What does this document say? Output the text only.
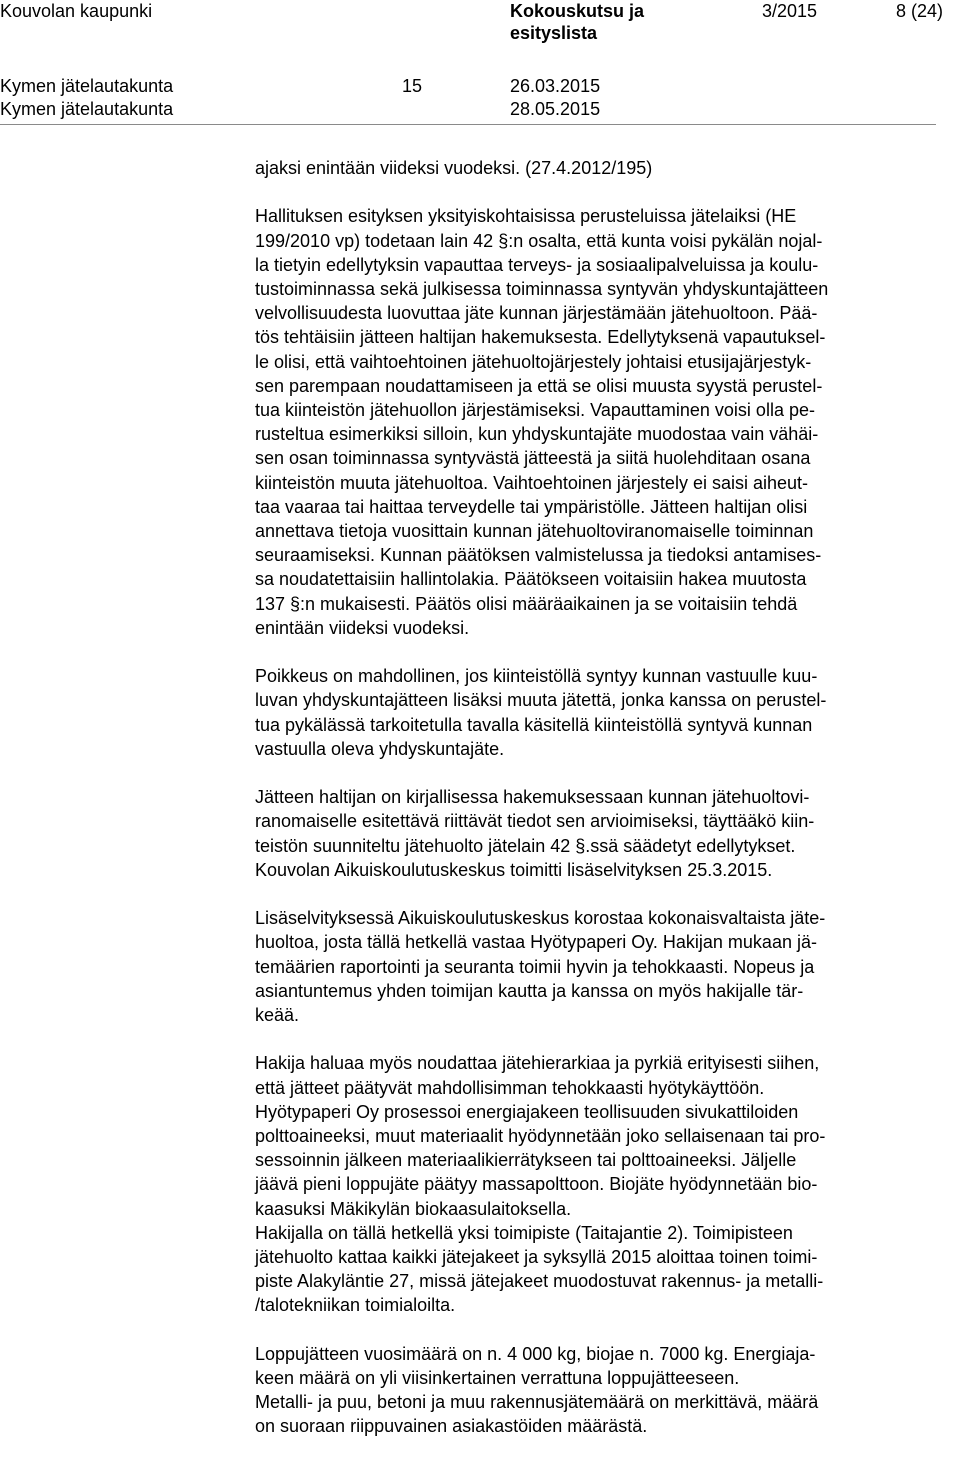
Kouvolan kaupunki	Kokouskutsu ja esityslista
3/2015	8 (24)
Kymen jätelautakunta	15	26.03.2015
Kymen jätelautakunta	28.05.2015
ajaksi enintään viideksi vuodeksi. (27.4.2012/195)
Hallituksen esityksen yksityiskohtaisissa perusteluissa jätelaiksi (HE
199/2010 vp) todetaan lain 42 §:n osalta, että kunta voisi pykälän nojal-
la tietyin edellytyksin vapauttaa terveys- ja sosiaalipalveluissa ja koulu-
tustoiminnassa sekä julkisessa toiminnassa syntyvän yhdyskuntajätteen
velvollisuudesta luovuttaa jäte kunnan järjestämään jätehuoltoon. Pää-
tös tehtäisiin jätteen haltijan hakemuksesta. Edellytyksenä vapautuksel-
le olisi, että vaihtoehtoinen jätehuoltojärjestely johtaisi etusijajärjestyk-
sen parempaan noudattamiseen ja että se olisi muusta syystä perustel-
tua kiinteistön jätehuollon järjestämiseksi. Vapauttaminen voisi olla pe-
rusteltua esimerkiksi silloin, kun yhdyskuntajäte muodostaa vain vähäi-
sen osan toiminnassa syntyvästä jätteestä ja siitä huolehditaan osana
kiinteistön muuta jätehuoltoa. Vaihtoehtoinen järjestely ei saisi aiheut-
taa vaaraa tai haittaa terveydelle tai ympäristölle. Jätteen haltijan olisi
annettava tietoja vuosittain kunnan jätehuoltoviranomaiselle toiminnan
seuraamiseksi. Kunnan päätöksen valmistelussa ja tiedoksi antamises-
sa noudatettaisiin hallintolakia. Päätökseen voitaisiin hakea muutosta
137 §:n mukaisesti. Päätös olisi määräaikainen ja se voitaisiin tehdä
enintään viideksi vuodeksi.
Poikkeus on mahdollinen, jos kiinteistöllä syntyy kunnan vastuulle kuu-
luvan yhdyskuntajätteen lisäksi muuta jätettä, jonka kanssa on perustel-
tua pykälässä tarkoitetulla tavalla käsitellä kiinteistöllä syntyvä kunnan
vastuulla oleva yhdyskuntajäte.
Jätteen haltijan on kirjallisessa hakemuksessaan kunnan jätehuoltovi-
ranomaiselle esitettävä riittävät tiedot sen arvioimiseksi, täyttääkö kiin-
teistön suunniteltu jätehuolto jätelain 42 §.ssä säädetyt edellytykset.
Kouvolan Aikuiskoulutuskeskus toimitti lisäselvityksen 25.3.2015.
Lisäselvityksessä Aikuiskoulutuskeskus korostaa kokonaisvaltaista jäte-
huoltoa, josta tällä hetkellä vastaa Hyötypaperi Oy. Hakijan mukaan jä-
temäärien raportointi ja seuranta toimii hyvin ja tehokkaasti. Nopeus ja
asiantuntemus yhden toimijan kautta ja kanssa on myös hakijalle tär-
keää.
Hakija haluaa myös noudattaa jätehierarkiaa ja pyrkiä erityisesti siihen,
että jätteet päätyvät mahdollisimman tehokkaasti hyötykäyttöön.
Hyötypaperi Oy prosessoi energiajakeen teollisuuden sivukattiloiden
polttoaineeksi, muut materiaalit hyödynnetään joko sellaisenaan tai pro-
sessoinnin jälkeen materiaalikierrätykseen tai polttoaineeksi. Jäljelle
jäävä pieni loppujäte päätyy massapolttoon. Biojäte hyödynnetään bio-
kaasuksi Mäkikylän biokaasulaitoksella.
Hakijalla on tällä hetkellä yksi toimipiste (Taitajantie 2). Toimipisteen
jätehuolto kattaa kaikki jätejakeet ja syksyllä 2015 aloittaa toinen toimi-
piste Alakyläntie 27, missä jätejakeet muodostuvat rakennus- ja metalli-
/talotekniikan toimialoilta.
Loppujätteen vuosimäärä on n. 4 000 kg, biojae n. 7000 kg. Energiaja-
keen määrä on yli viisinkertainen verrattuna loppujätteeseen.
Metalli- ja puu, betoni ja muu rakennusjätemäärä on merkittävä, määrä
on suoraan riippuvainen asiakastöiden määrästä.
